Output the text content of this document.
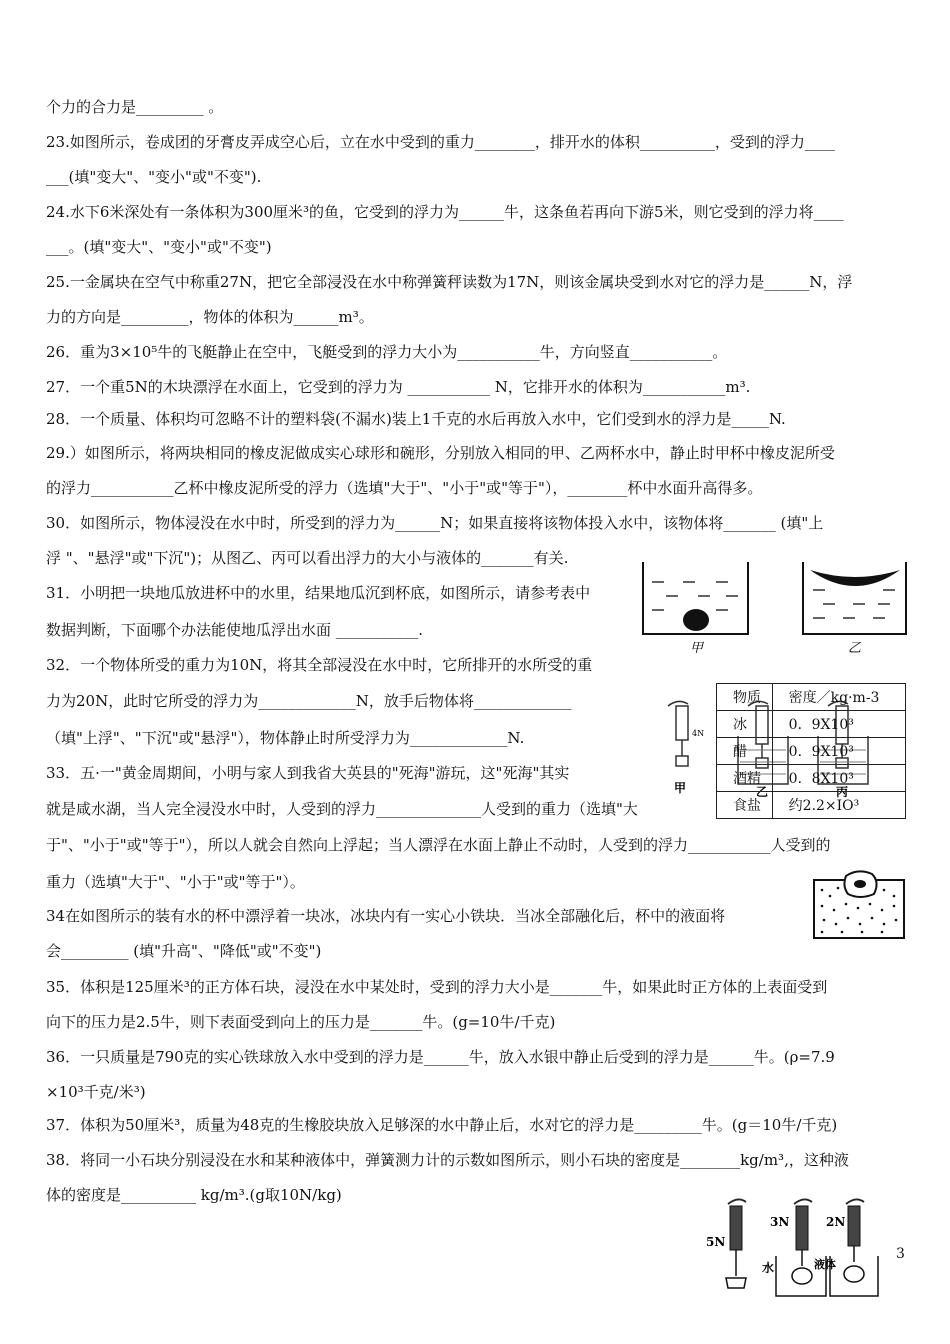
个力的合力是_________ 。
23.如图所示，卷成团的牙膏皮弄成空心后，立在水中受到的重力________，排开水的体积__________，受到的浮力____
___(填"变大"、"变小"或"不变").
24.水下6米深处有一条体积为300厘米³的鱼，它受到的浮力为______牛，这条鱼若再向下游5米，则它受到的浮力将____
___。(填"变大"、"变小"或"不变")
25.一金属块在空气中称重27N，把它全部浸没在水中称弹簧秤读数为17N，则该金属块受到水对它的浮力是______N，浮
力的方向是_________，物体的体积为______m³。
26．重为3×10⁵牛的飞艇静止在空中，飞艇受到的浮力大小为___________牛，方向竖直___________。
27．一个重5N的木块漂浮在水面上，它受到的浮力为 ___________ N，它排开水的体积为___________m³.
28．一个质量、体积均可忽略不计的塑料袋(不漏水)装上1千克的水后再放入水中，它们受到水的浮力是_____N.
29.）如图所示，将两块相同的橡皮泥做成实心球形和碗形，分别放入相同的甲、乙两杯水中，静止时甲杯中橡皮泥所受
的浮力___________乙杯中橡皮泥所受的浮力（选填"大于"、"小于"或"等于"），________杯中水面升高得多。
30．如图所示，物体浸没在水中时，所受到的浮力为______N；如果直接将该物体投入水中，该物体将_______ (填"上
浮 "、"悬浮"或"下沉")；从图乙、丙可以看出浮力的大小与液体的_______有关.
31．小明把一块地瓜放进杯中的水里，结果地瓜沉到杯底，如图所示，请参考表中
数据判断，下面哪个办法能使地瓜浮出水面 ___________.
32．一个物体所受的重力为10N，将其全部浸没在水中时，它所排开的水所受的重
力为20N，此时它所受的浮力为_____________N，放手后物体将_____________
（填"上浮"、"下沉"或"悬浮"），物体静止时所受浮力为_____________N.
33．五·一"黄金周期间，小明与家人到我省大英县的"死海"游玩，这"死海"其实
就是咸水湖，当人完全浸没水中时，人受到的浮力______________人受到的重力（选填"大
于"、"小于"或"等于"），所以人就会自然向上浮起；当人漂浮在水面上静止不动时，人受到的浮力___________人受到的
重力（选填"大于"、"小于"或"等于"）。
34在如图所示的装有水的杯中漂浮着一块冰，冰块内有一实心小铁块．当冰全部融化后，杯中的液面将
会_________ (填"升高"、"降低"或"不变")
35．体积是125厘米³的正方体石块，浸没在水中某处时，受到的浮力大小是_______牛，如果此时正方体的上表面受到
向下的压力是2.5牛，则下表面受到向上的压力是_______牛。(g=10牛/千克)
36．一只质量是790克的实心铁球放入水中受到的浮力是______牛，放入水银中静止后受到的浮力是______牛。(ρ=7.9
×10³千克/米³)
37．体积为50厘米³，质量为48克的生橡胶块放入足够深的水中静止后，水对它的浮力是_________牛。(g＝10牛/千克)
38．将同一小石块分别浸没在水和某种液体中，弹簧测力计的示数如图所示，则小石块的密度是________kg/m³,，这种液
体的密度是__________ kg/m³.(g取10N/kg)
甲	乙
4N
甲	乙	丙
物质	密度／kg·m-3
冰	0．9X10³
醋	0．9X10³
酒精	0．8X10³
食盐	约2.2×IO³
5N
3N	2N
水	液体
3
